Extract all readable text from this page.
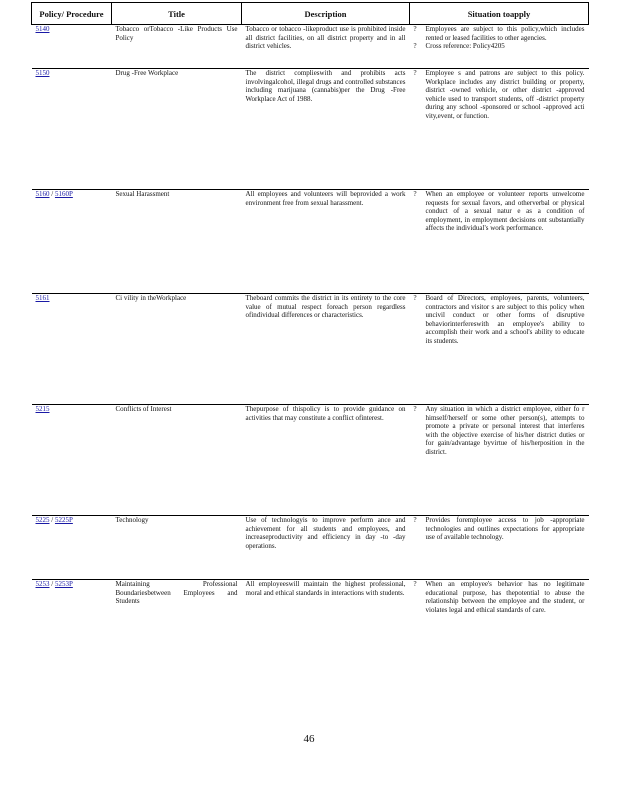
Policy/ Procedure	Title	Description	Situation toapply
5140	Tobacco orTobacco -Like Products Use Policy	Tobacco or tobacco -likeproduct use is prohibited inside all district facilities, on all district property and in all district vehicles.	? Employees are subject to this policy,which includes rented or leased facilities to other agencies.
? Cross reference: Policy4205

5150	Drug -Free Workplace	The district complieswith and prohibits acts involvingalcohol, illegal drugs and controlled substances including marijuana (cannabis)per the Drug -Free Workplace Act of 1988.	? Employee s and patrons are subject to this policy. Workplace includes any district building or property, district -owned vehicle, or other district -approved vehicle used to transport students, off -district property during any school -sponsored or school -approved acti vity,event, or function.

5160 / 5160P	Sexual Harassment	All employees and volunteers will beprovided a work environment free from sexual harassment.	? When an employee or volunteer reports unwelcome requests for sexual favors, and otherverbal or physical conduct of a sexual natur e as a condition of employment, in employment decisions ont substantially affects the individual's work performance.

5161	Ci vility in theWorkplace	Theboard commits the district in its entirety to the core value of mutual respect foreach person regardless ofindividual differences or characteristics.	? Board of Directors, employees, parents, volunteers, contractors and visitor s are subject to this policy when uncivil conduct or other forms of disruptive behaviorinterfereswith an employee's ability to accomplish their work and a school's ability to educate its students.

5215	Conflicts of Interest	Thepurpose of thispolicy is to provide guidance on activities that may constitute a conflict ofinterest.	? Any situation in which a district employee, either fo r himself/herself or some other person(s), attempts to promote a private or personal interest that interferes with the objective exercise of his/her district duties or for gain/advantage byvirtue of his/herposition in the district.

5225 / 5225P	Technology	Use of technologyis to improve perform ance and achievement for all students and employees, and increaseproductivity and efficiency in day -to -day operations.	? Provides foremployee access to job -appropriate technologies and outlines expectations for appropriate use of available technology.

5253 / 5253P	Maintaining Professional Boundariesbetween Employees and Students	All employeeswill maintain the highest professional, moral and ethical standards in interactions with students.	? When an employee's behavior has no legitimate educational purpose, has thepotential to abuse the relationship between the employee and the student, or violates legal and ethical standards of care.
46
